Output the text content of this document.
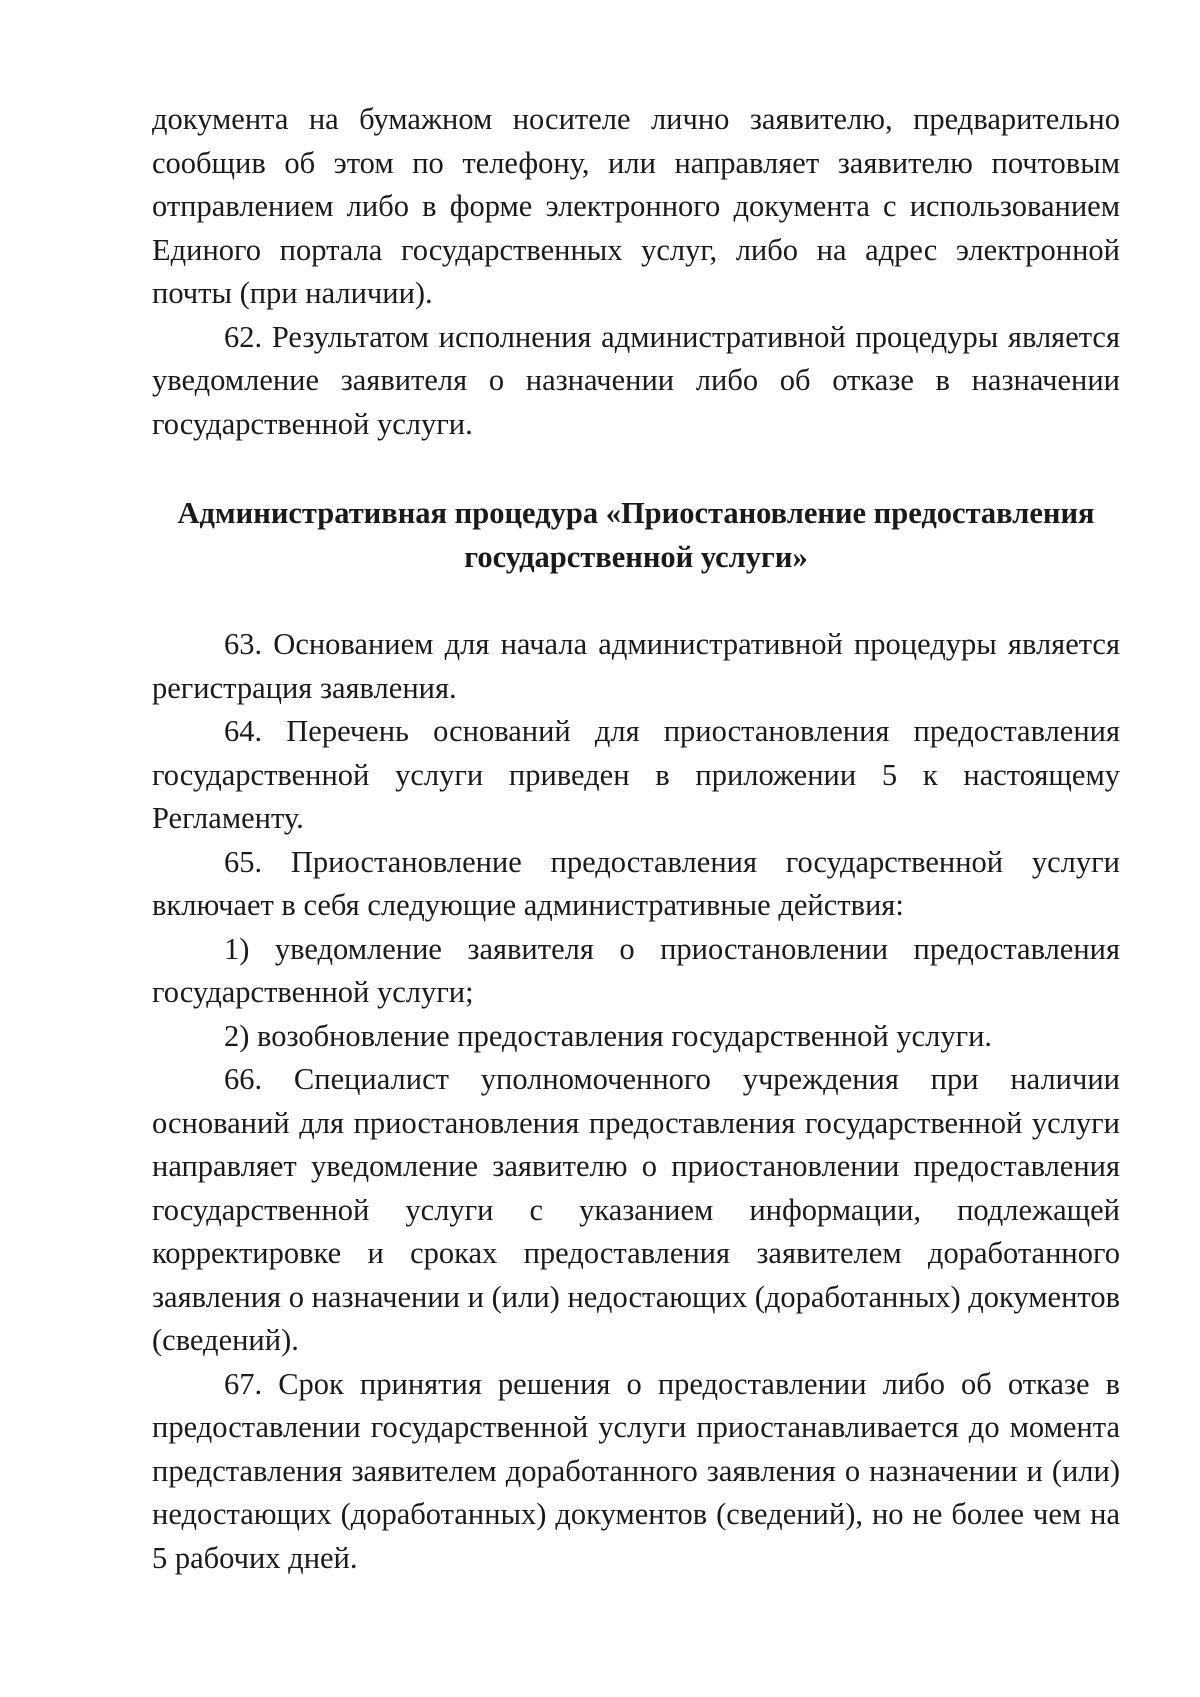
документа на бумажном носителе лично заявителю, предварительно сообщив об этом по телефону, или направляет заявителю почтовым отправлением либо в форме электронного документа с использованием Единого портала государственных услуг, либо на адрес электронной почты (при наличии).

62. Результатом исполнения административной процедуры является уведомление заявителя о назначении либо об отказе в назначении государственной услуги.

Административная процедура «Приостановление предоставления государственной услуги»

63. Основанием для начала административной процедуры является регистрация заявления.

64. Перечень оснований для приостановления предоставления государственной услуги приведен в приложении 5 к настоящему Регламенту.

65. Приостановление предоставления государственной услуги включает в себя следующие административные действия:

1) уведомление заявителя о приостановлении предоставления государственной услуги;

2) возобновление предоставления государственной услуги.

66. Специалист уполномоченного учреждения при наличии оснований для приостановления предоставления государственной услуги направляет уведомление заявителю о приостановлении предоставления государственной услуги с указанием информации, подлежащей корректировке и сроках предоставления заявителем доработанного заявления о назначении и (или) недостающих (доработанных) документов (сведений).

67. Срок принятия решения о предоставлении либо об отказе в предоставлении государственной услуги приостанавливается до момента представления заявителем доработанного заявления о назначении и (или) недостающих (доработанных) документов (сведений), но не более чем на 5 рабочих дней.
